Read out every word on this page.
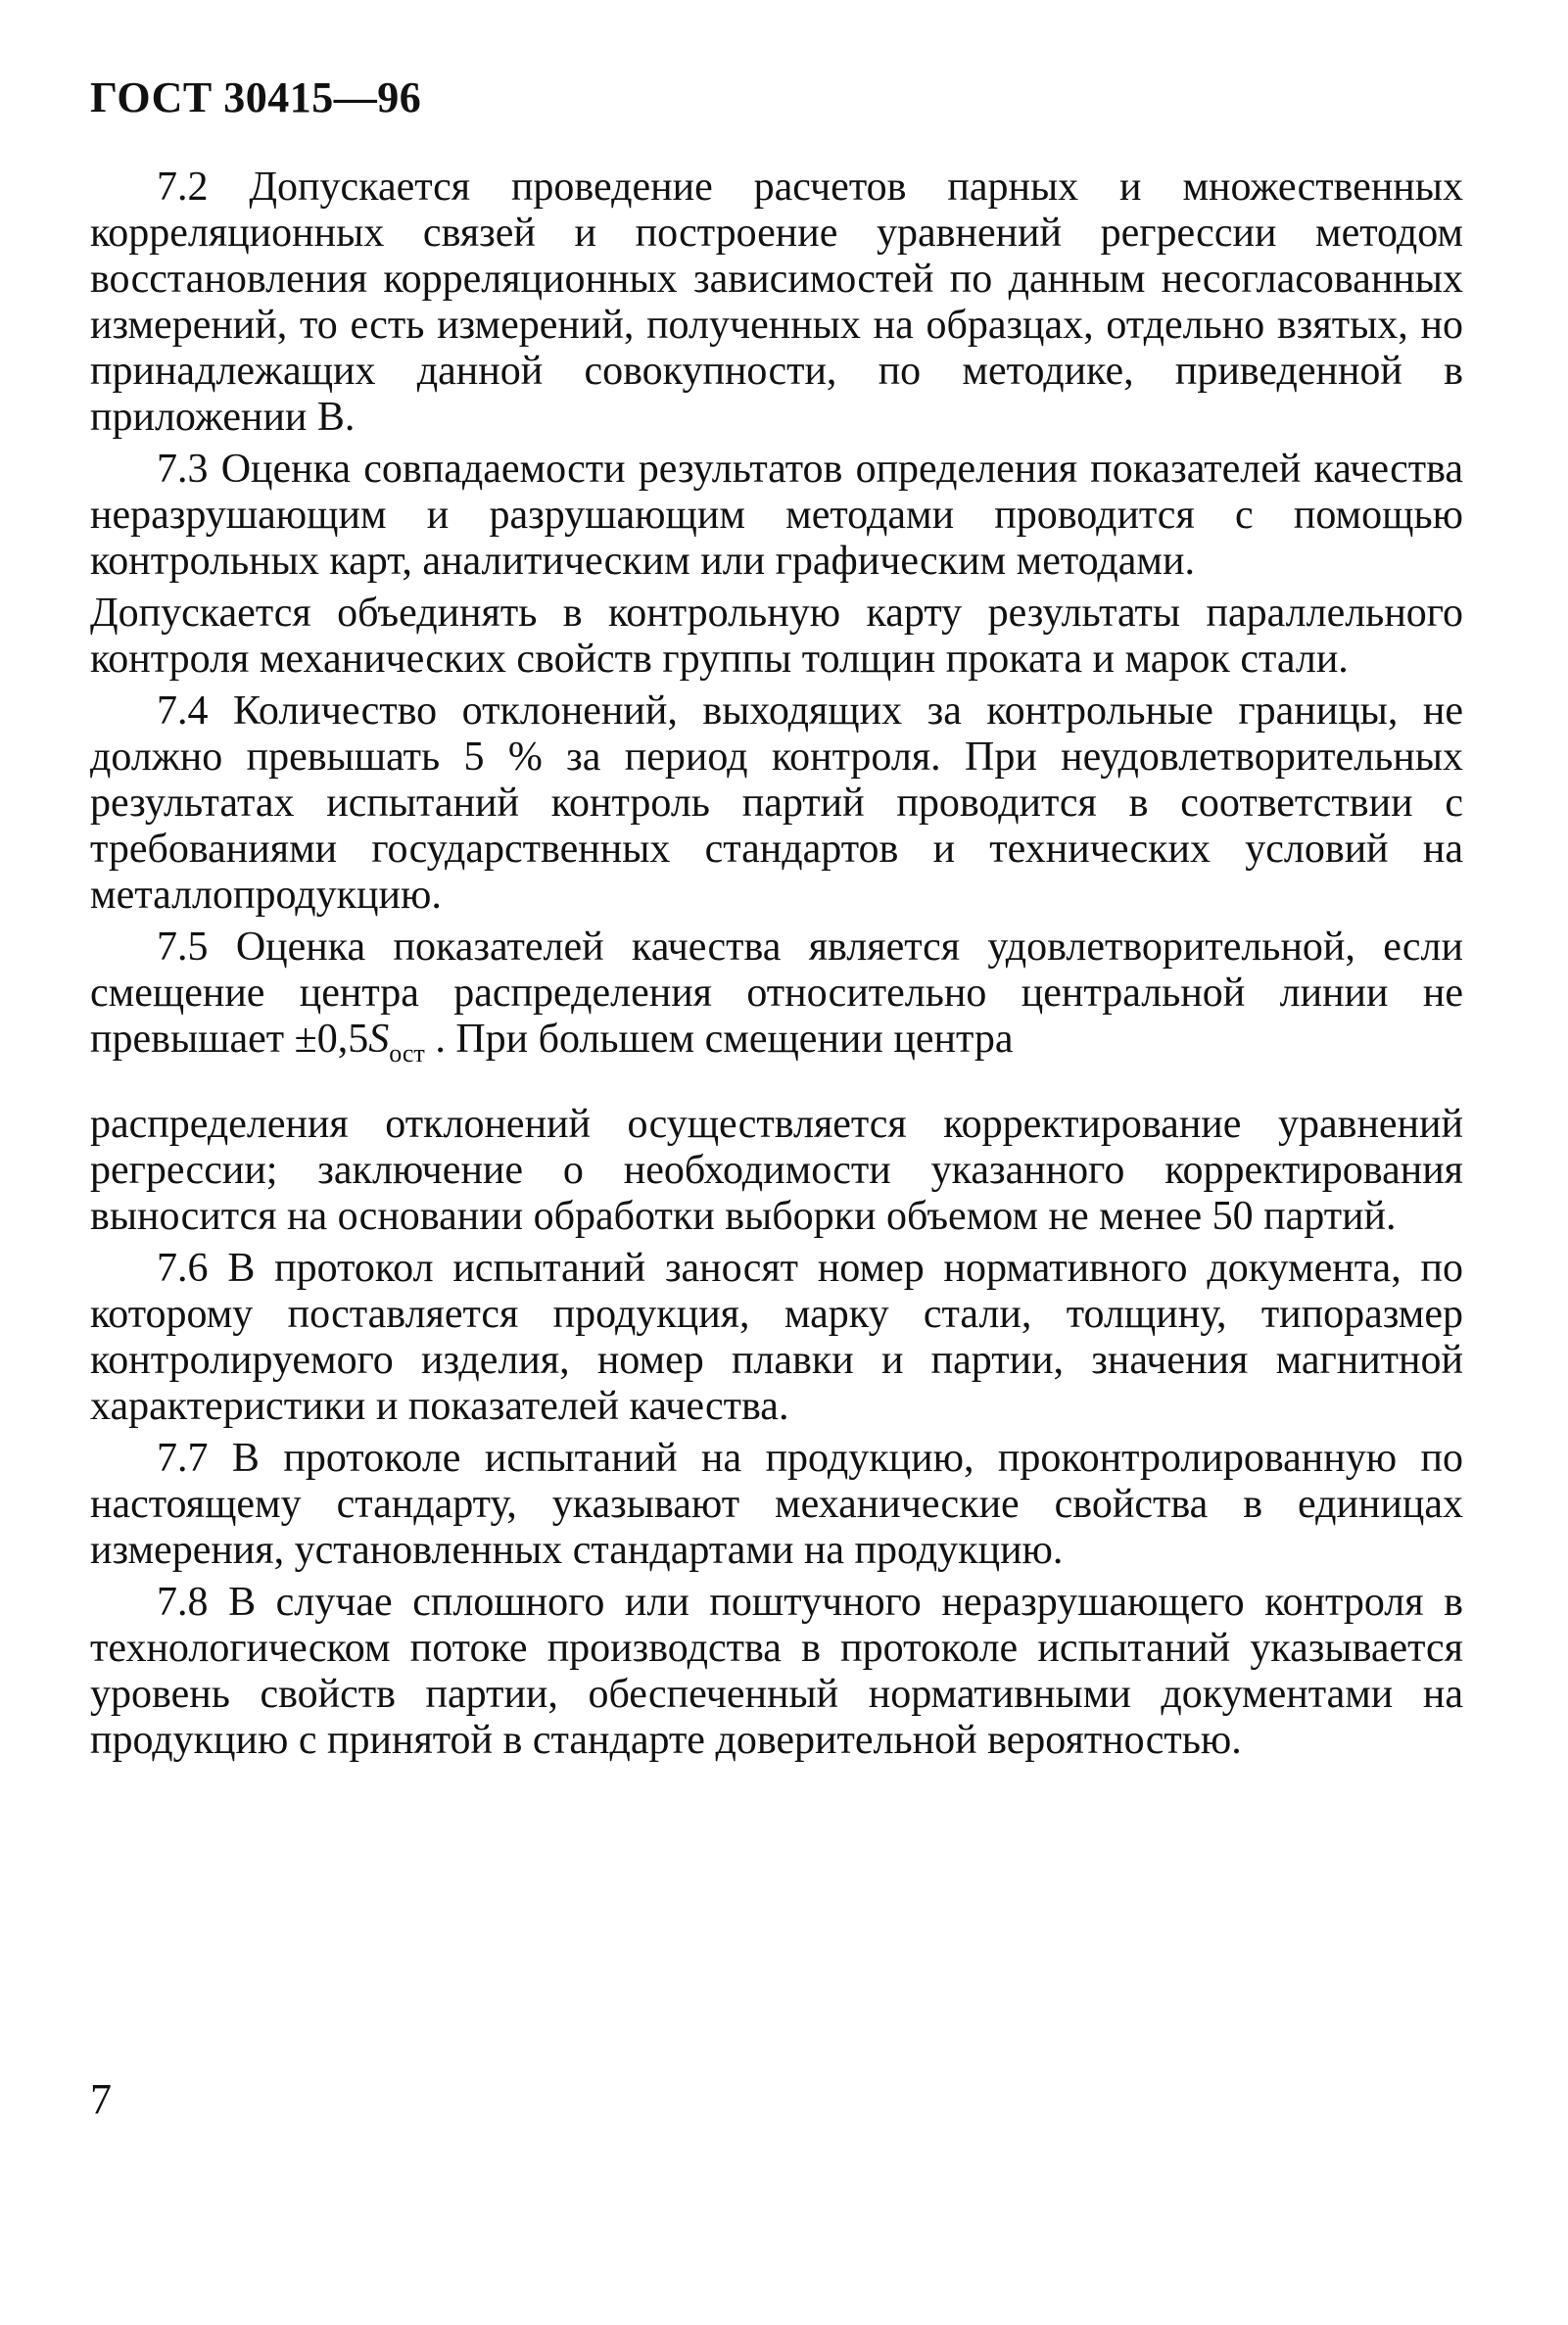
ГОСТ 30415—96

7.2 Допускается проведение расчетов парных и множественных корреляционных связей и построение уравнений регрессии методом восстановления корреляционных зависимостей по данным несогласованных измерений, то есть измерений, полученных на образцах, отдельно взятых, но принадлежащих данной совокупности, по методике, приведенной в приложении В.

7.3 Оценка совпадаемости результатов определения показателей качества неразрушающим и разрушающим методами проводится с помощью контрольных карт, аналитическим или графическим методами.

Допускается объединять в контрольную карту результаты параллельного контроля механических свойств группы толщин проката и марок стали.

7.4 Количество отклонений, выходящих за контрольные границы, не должно превышать 5 % за период контроля. При неудовлетворительных результатах испытаний контроль партий проводится в соответствии с требованиями государственных стандартов и технических условий на металлопродукцию.

7.5 Оценка показателей качества является удовлетворительной, если смещение центра распределения относительно центральной линии не превышает $\pm 0,5S_{ост}$ . При большем смещении центра

распределения отклонений осуществляется корректирование уравнений регрессии; заключение о необходимости указанного корректирования выносится на основании обработки выборки объемом не менее 50 партий.

7.6 В протокол испытаний заносят номер нормативного документа, по которому поставляется продукция, марку стали, толщину, типоразмер контролируемого изделия, номер плавки и партии, значения магнитной характеристики и показателей качества.

7.7 В протоколе испытаний на продукцию, проконтролированную по настоящему стандарту, указывают механические свойства в единицах измерения, установленных стандартами на продукцию.

7.8 В случае сплошного или поштучного неразрушающего контроля в технологическом потоке производства в протоколе испытаний указывается уровень свойств партии, обеспеченный нормативными документами на продукцию с принятой в стандарте доверительной вероятностью.

7
